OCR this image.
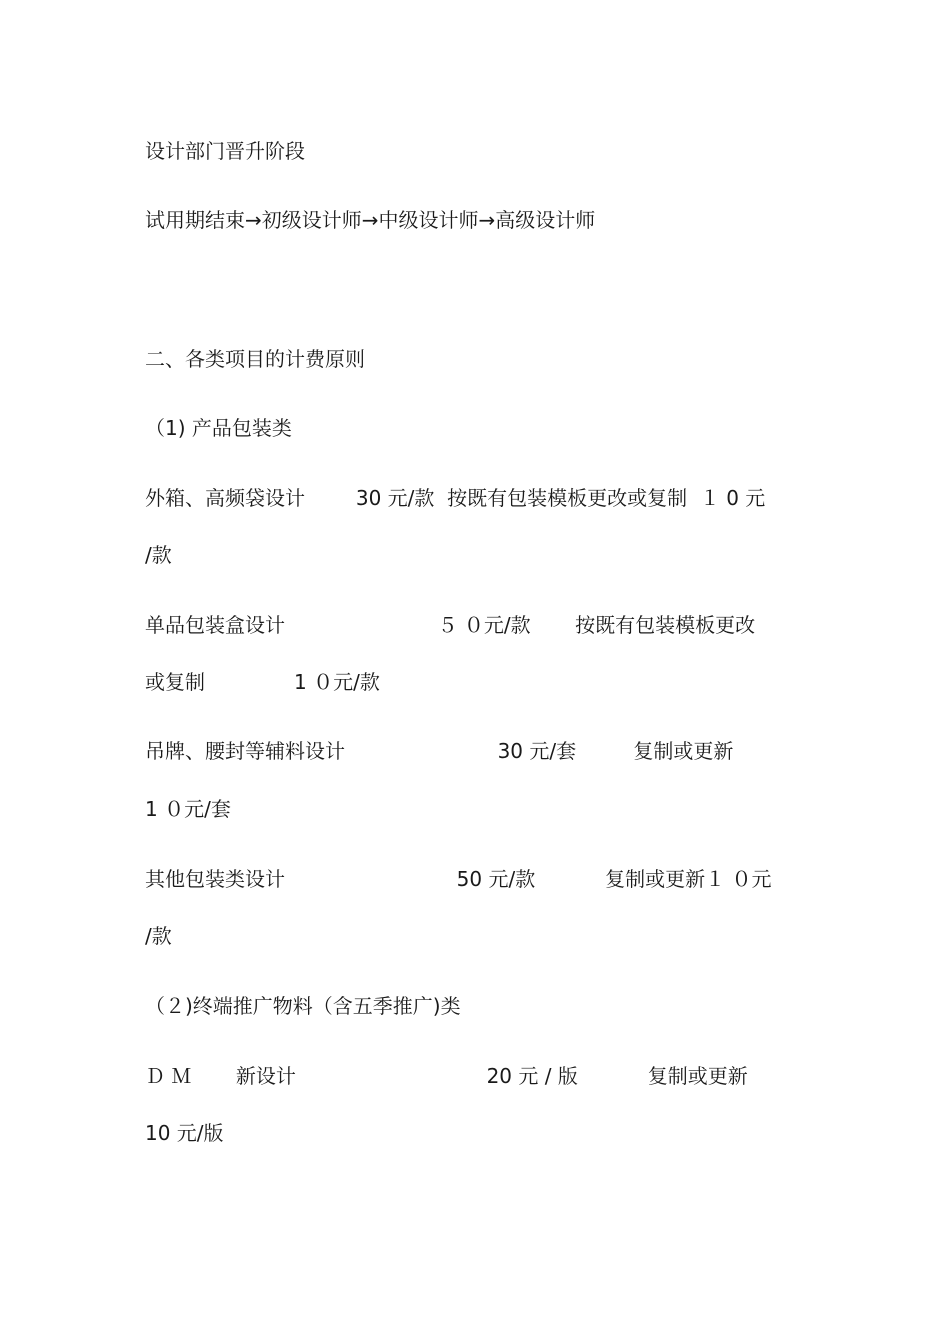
设计部门晋升阶段
试用期结束→初级设计师→中级设计师→高级设计师
二、各类项目的计费原则
（1) 产品包装类
外箱、高频袋设计        30 元/款  按既有包装模板更改或复制  １ 0 元
/款
单品包装盒设计                        ５ ０元/款       按既有包装模板更改
或复制              1 ０元/款
吊牌、腰封等辅料设计                        30 元/套         复制或更新
1 ０元/套
其他包装类设计                           50 元/款           复制或更新１ ０元
/款
（２)终端推广物料（含五季推广)类
Ｄ Ｍ       新设计                              20 元 / 版           复制或更新
10 元/版
